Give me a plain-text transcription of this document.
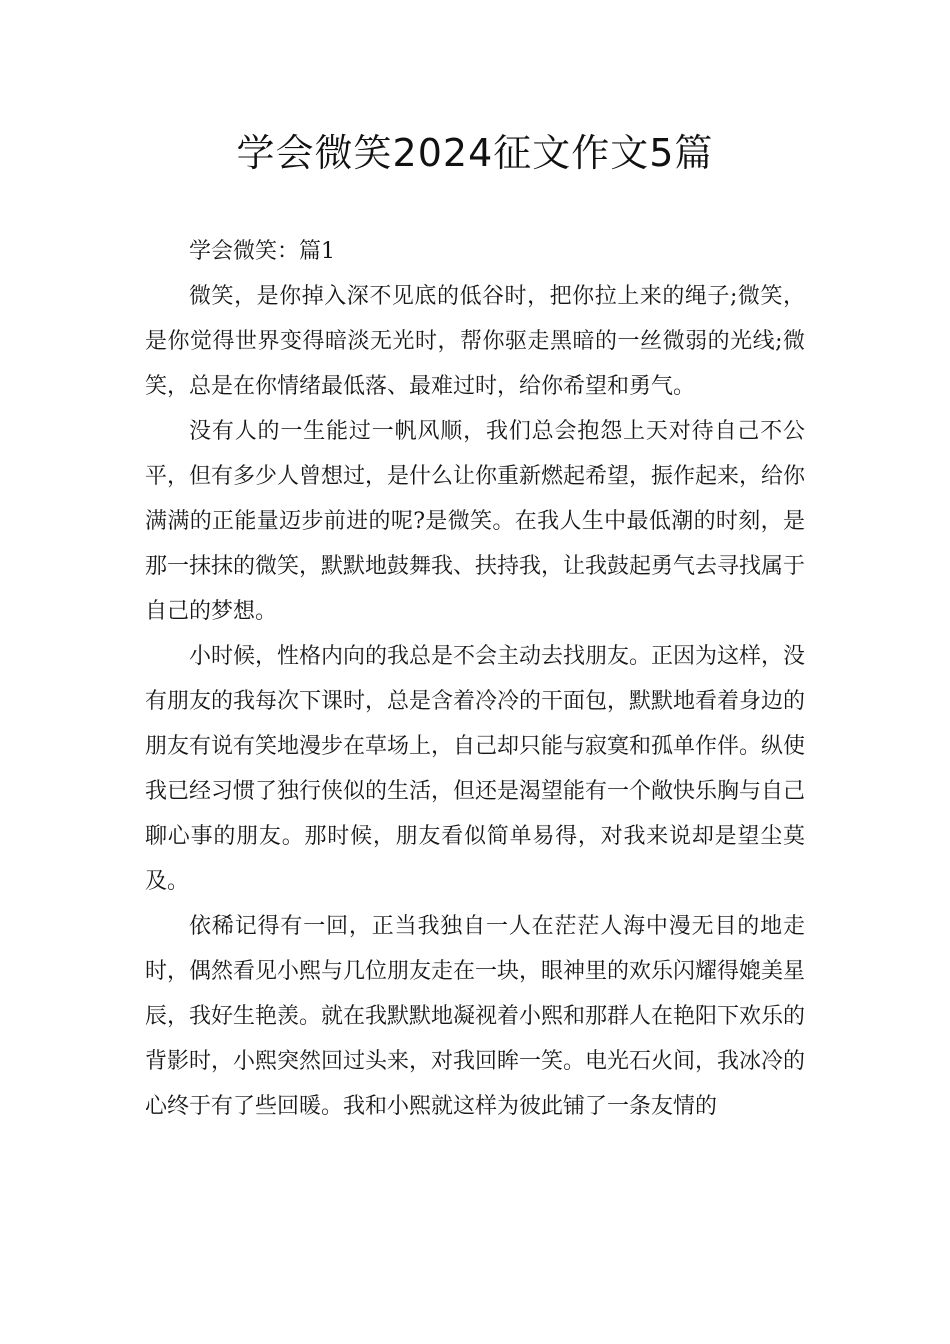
学会微笑2024征文作文5篇

学会微笑：篇1

微笑，是你掉入深不见底的低谷时，把你拉上来的绳子;微笑，是你觉得世界变得暗淡无光时，帮你驱走黑暗的一丝微弱的光线;微笑，总是在你情绪最低落、最难过时，给你希望和勇气。

没有人的一生能过一帆风顺，我们总会抱怨上天对待自己不公平，但有多少人曾想过，是什么让你重新燃起希望，振作起来，给你满满的正能量迈步前进的呢?是微笑。在我人生中最低潮的时刻，是那一抹抹的微笑，默默地鼓舞我、扶持我，让我鼓起勇气去寻找属于自己的梦想。

小时候，性格内向的我总是不会主动去找朋友。正因为这样，没有朋友的我每次下课时，总是含着冷冷的干面包，默默地看着身边的朋友有说有笑地漫步在草场上，自己却只能与寂寞和孤单作伴。纵使我已经习惯了独行侠似的生活，但还是渴望能有一个敞快乐胸与自己聊心事的朋友。那时候，朋友看似简单易得，对我来说却是望尘莫及。

依稀记得有一回，正当我独自一人在茫茫人海中漫无目的地走时，偶然看见小熙与几位朋友走在一块，眼神里的欢乐闪耀得媲美星辰，我好生艳羡。就在我默默地凝视着小熙和那群人在艳阳下欢乐的背影时，小熙突然回过头来，对我回眸一笑。电光石火间，我冰冷的心终于有了些回暖。我和小熙就这样为彼此铺了一条友情的
